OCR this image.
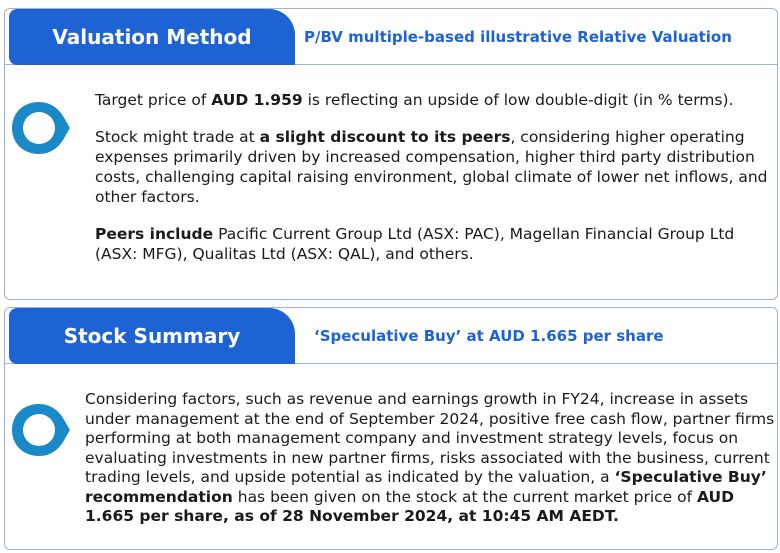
Valuation Method	P/BV multiple-based illustrative Relative Valuation

Target price of AUD 1.959 is reflecting an upside of low double-digit (in % terms).

Stock might trade at a slight discount to its peers, considering higher operating expenses primarily driven by increased compensation, higher third party distribution costs, challenging capital raising environment, global climate of lower net inflows, and other factors.

Peers include Pacific Current Group Ltd (ASX: PAC), Magellan Financial Group Ltd (ASX: MFG), Qualitas Ltd (ASX: QAL), and others.

Stock Summary	‘Speculative Buy’ at AUD 1.665 per share

Considering factors, such as revenue and earnings growth in FY24, increase in assets under management at the end of September 2024, positive free cash flow, partner firms performing at both management company and investment strategy levels, focus on evaluating investments in new partner firms, risks associated with the business, current trading levels, and upside potential as indicated by the valuation, a ‘Speculative Buy’ recommendation has been given on the stock at the current market price of AUD 1.665 per share, as of 28 November 2024, at 10:45 AM AEDT.
